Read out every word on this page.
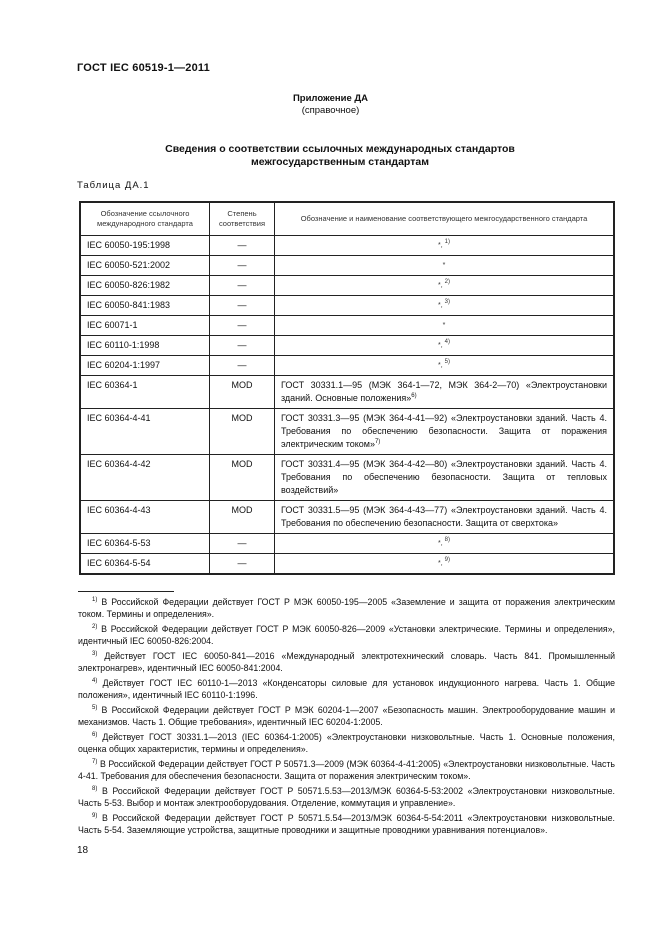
ГОСТ IEC 60519-1—2011
Приложение ДА
(справочное)
Сведения о соответствии ссылочных международных стандартов
межгосударственным стандартам
Таблица ДА.1
Обозначение ссылочного международного стандарта	Степень соответствия	Обозначение и наименование соответствующего межгосударственного стандарта
IEC 60050-195:1998	—	*, $^{1)}$
IEC 60050-521:2002	—	*
IEC 60050-826:1982	—	*, $^{2)}$
IEC 60050-841:1983	—	*, $^{3)}$
IEC 60071-1	—	*
IEC 60110-1:1998	—	*, $^{4)}$
IEC 60204-1:1997	—	*, $^{5)}$
IEC 60364-1	MOD	ГОСТ 30331.1—95 (МЭК 364-1—72, МЭК 364-2—70) «Электроустановки зданий. Основные положения»$^{6)}$
IEC 60364-4-41	MOD	ГОСТ 30331.3—95 (МЭК 364-4-41—92) «Электроустановки зданий. Часть 4. Требования по обеспечению безопасности. Защита от поражения электрическим током»$^{7)}$
IEC 60364-4-42	MOD	ГОСТ 30331.4—95 (МЭК 364-4-42—80) «Электроустановки зданий. Часть 4. Требования по обеспечению безопасности. Защита от тепловых воздействий»
IEC 60364-4-43	MOD	ГОСТ 30331.5—95 (МЭК 364-4-43—77) «Электроустановки зданий. Часть 4. Требования по обеспечению безопасности. Защита от сверхтока»
IEC 60364-5-53	—	*, $^{8)}$
IEC 60364-5-54	—	*, $^{9)}$

$^{1)}$ В Российской Федерации действует ГОСТ Р МЭК 60050-195—2005 «Заземление и защита от поражения электрическим током. Термины и определения».

$^{2)}$ В Российской Федерации действует ГОСТ Р МЭК 60050-826—2009 «Установки электрические. Термины и определения», идентичный IEC 60050-826:2004.

$^{3)}$ Действует ГОСТ IEC 60050-841—2016 «Международный электротехнический словарь. Часть 841. Промышленный электронагрев», идентичный IEC 60050-841:2004.

$^{4)}$ Действует ГОСТ IEC 60110-1—2013 «Конденсаторы силовые для установок индукционного нагрева. Часть 1. Общие положения», идентичный IEC 60110-1:1996.

$^{5)}$ В Российской Федерации действует ГОСТ Р МЭК 60204-1—2007 «Безопасность машин. Электрооборудование машин и механизмов. Часть 1. Общие требования», идентичный IEC 60204-1:2005.

$^{6)}$ Действует ГОСТ 30331.1—2013 (IEC 60364-1:2005) «Электроустановки низковольтные. Часть 1. Основные положения, оценка общих характеристик, термины и определения».

$^{7)}$ В Российской Федерации действует ГОСТ Р 50571.3—2009 (МЭК 60364-4-41:2005) «Электроустановки низковольтные. Часть 4-41. Требования для обеспечения безопасности. Защита от поражения электрическим током».

$^{8)}$ В Российской Федерации действует ГОСТ Р 50571.5.53—2013/МЭК 60364-5-53:2002 «Электроустановки низковольтные. Часть 5-53. Выбор и монтаж электрооборудования. Отделение, коммутация и управление».

$^{9)}$ В Российской Федерации действует ГОСТ Р 50571.5.54—2013/МЭК 60364-5-54:2011 «Электроустановки низковольтные. Часть 5-54. Заземляющие устройства, защитные проводники и защитные проводники уравнивания потенциалов».

18
